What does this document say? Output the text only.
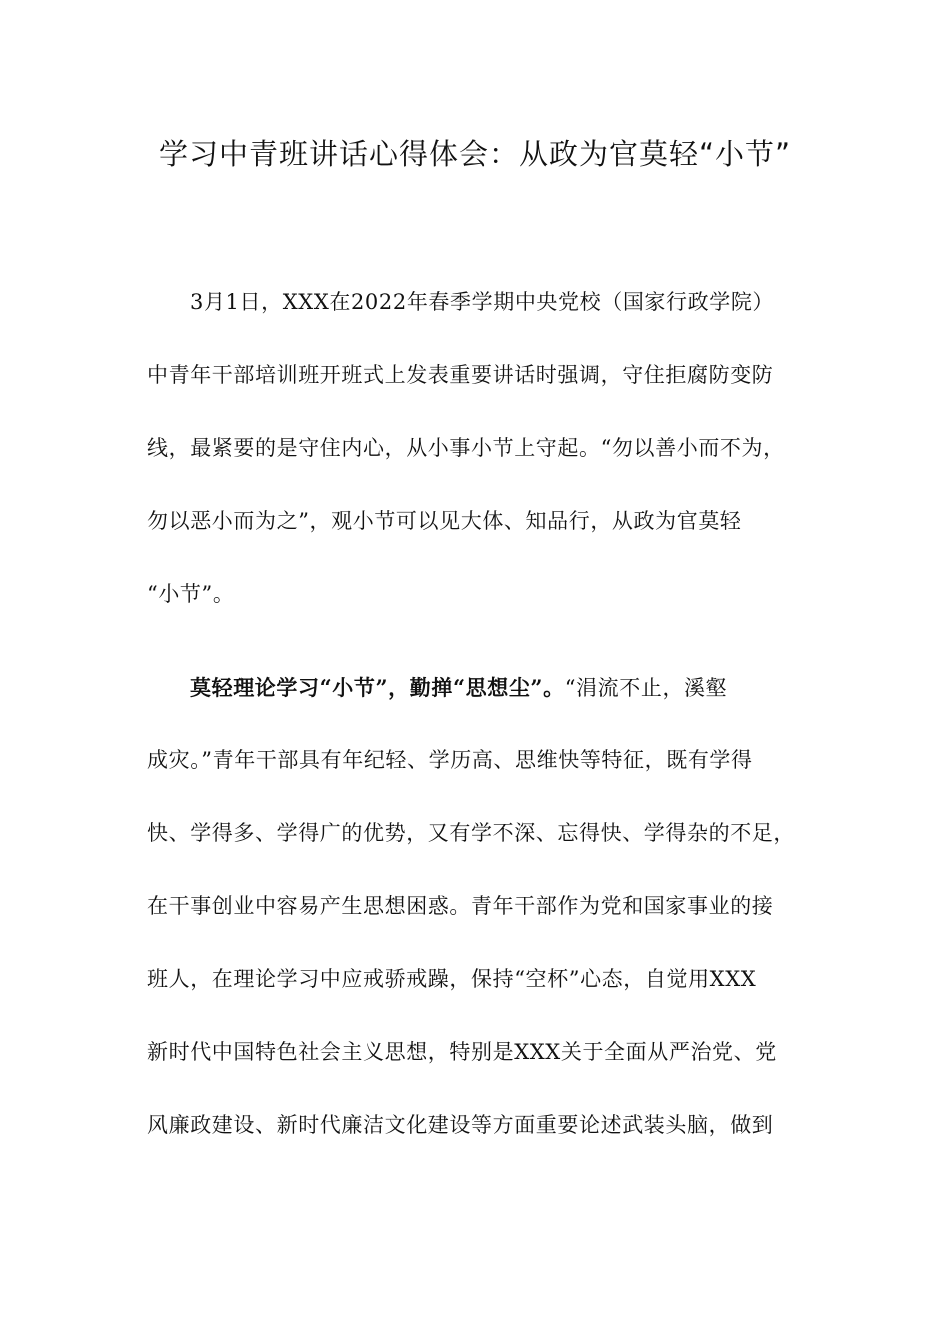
学习中青班讲话心得体会：从政为官莫轻“小节”
3月1日，XXX在2022年春季学期中央党校（国家行政学院）
中青年干部培训班开班式上发表重要讲话时强调，守住拒腐防变防
线，最紧要的是守住内心，从小事小节上守起。“勿以善小而不为，
勿以恶小而为之”，观小节可以见大体、知品行，从政为官莫轻
“小节”。
莫轻理论学习“小节”，勤掸“思想尘”。“涓流不止，溪壑
成灾。”青年干部具有年纪轻、学历高、思维快等特征，既有学得
快、学得多、学得广的优势，又有学不深、忘得快、学得杂的不足，
在干事创业中容易产生思想困惑。青年干部作为党和国家事业的接
班人，在理论学习中应戒骄戒躁，保持“空杯”心态，自觉用XXX
新时代中国特色社会主义思想，特别是XXX关于全面从严治党、党
风廉政建设、新时代廉洁文化建设等方面重要论述武装头脑，做到
